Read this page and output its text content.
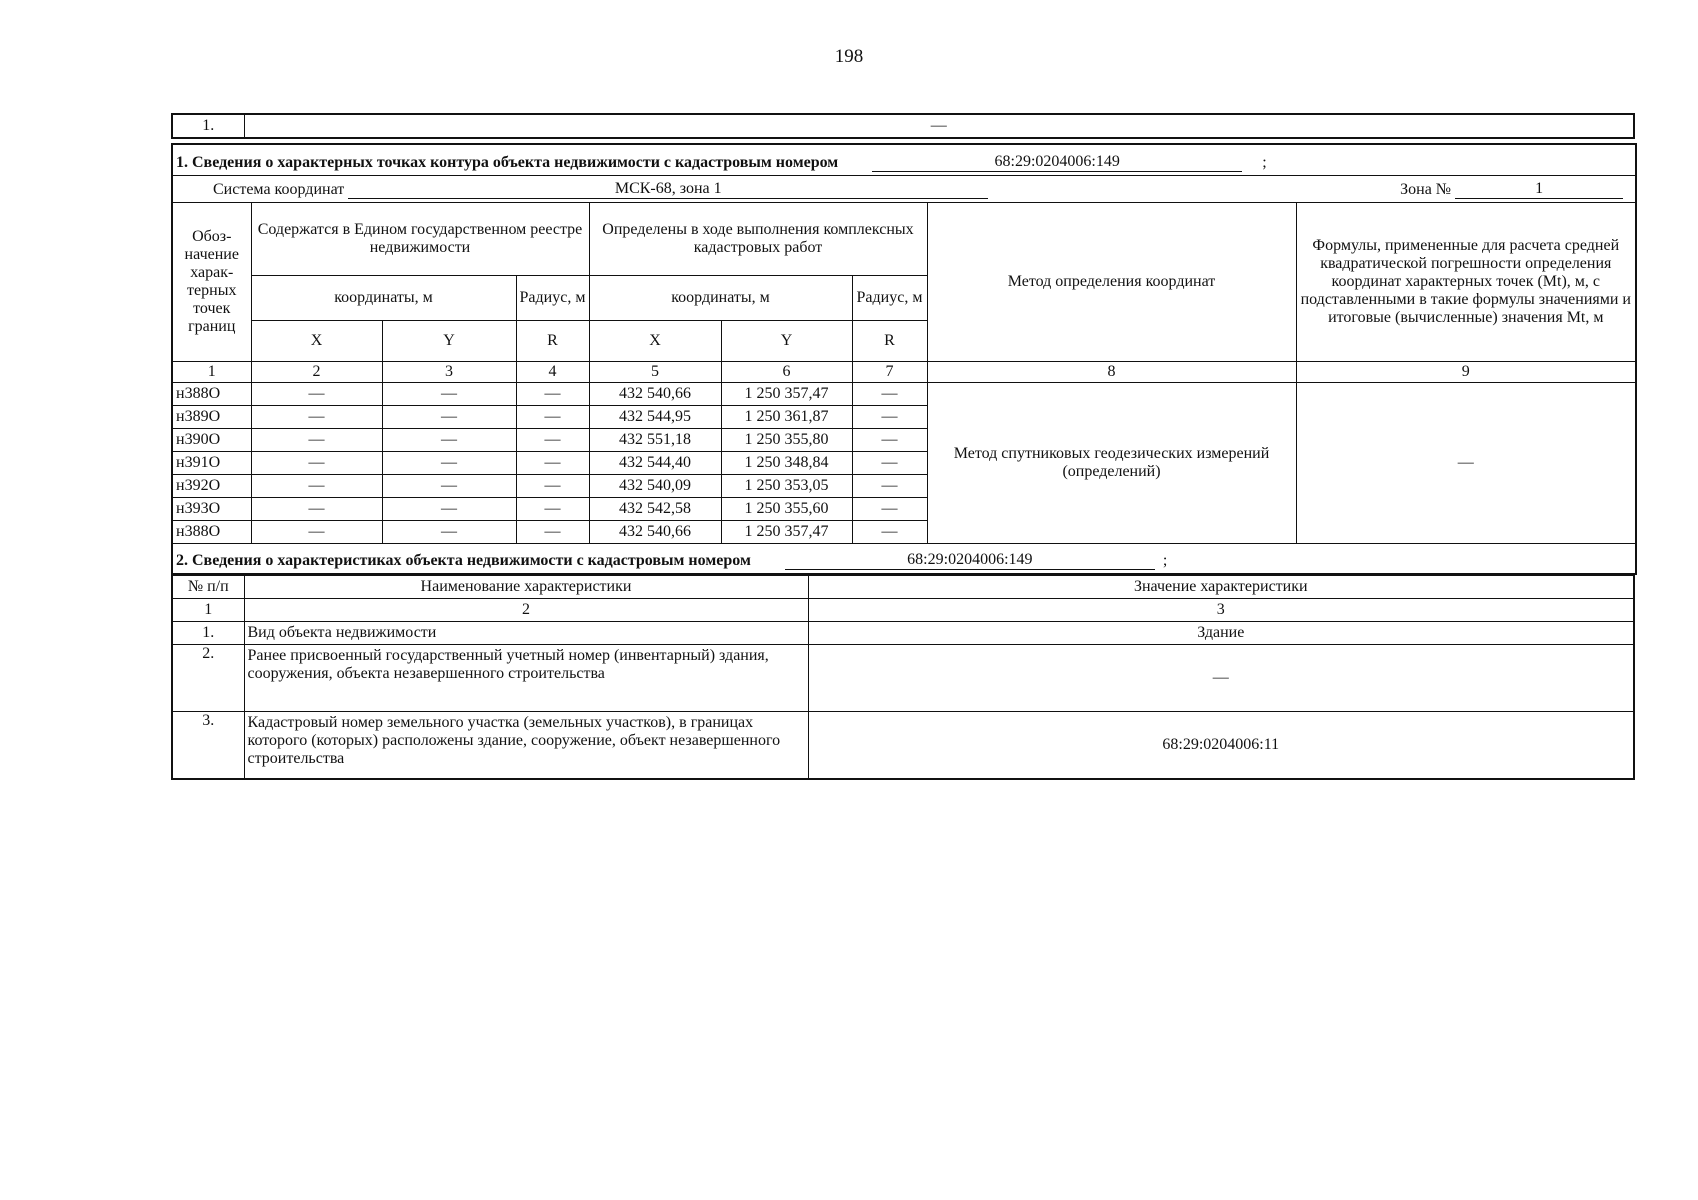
198
1.	—
1. Сведения о характерных точках контура объекта недвижимости с кадастровым номером 68:29:0204006:149 ;								
Система координат МСК-68, зона 1 Зона № 1								

Обоз-начение харак-терных точек границ	Содержатся в Едином государственном реестре недвижимости			Определены в ходе выполнения комплексных кадастровых работ			Метод определения координат	Формулы, примененные для расчета средней квадратической погрешности определения координат характерных точек (Mt), м, с подставленными в такие формулы значениями и итоговые (вычисленные) значения Mt, м
	координаты, м		Радиус, м	координаты, м		Радиус, м		
	X	Y	R	X	Y	R		
1	2	3	4	5	6	7	8	9
н388О	—	—	—	432 540,66	1 250 357,47	—	Метод спутниковых геодезических измерений (определений)	—
н389О	—	—	—	432 544,95	1 250 361,87	—		
н390О	—	—	—	432 551,18	1 250 355,80	—		
н391О	—	—	—	432 544,40	1 250 348,84	—		
н392О	—	—	—	432 540,09	1 250 353,05	—		
н393О	—	—	—	432 542,58	1 250 355,60	—		
н388О	—	—	—	432 540,66	1 250 357,47	—		
2. Сведения о характеристиках объекта недвижимости с кадастровым номером 68:29:0204006:149 ;								
№ п/п	Наименование характеристики	Значение характеристики
1	2	3
1.	Вид объекта недвижимости	Здание
2.	Ранее присвоенный государственный учетный номер (инвентарный) здания, сооружения, объекта незавершенного строительства	—
3.	Кадастровый номер земельного участка (земельных участков), в границах которого (которых) расположены здание, сооружение, объект незавершенного строительства	68:29:0204006:11
